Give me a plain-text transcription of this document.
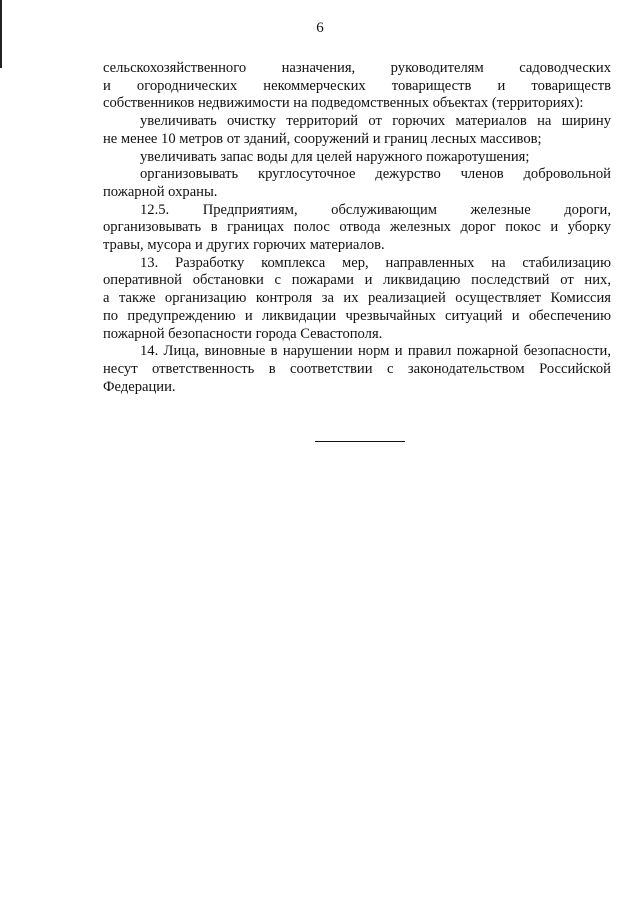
6
сельскохозяйственного назначения, руководителям садоводческих
и огороднических некоммерческих товариществ и товариществ
собственников недвижимости на подведомственных объектах (территориях):
увеличивать очистку территорий от горючих материалов на ширину
не менее 10 метров от зданий, сооружений и границ лесных массивов;
увеличивать запас воды для целей наружного пожаротушения;
организовывать круглосуточное дежурство членов добровольной
пожарной охраны.
12.5. Предприятиям, обслуживающим железные дороги,
организовывать в границах полос отвода железных дорог покос и уборку
травы, мусора и других горючих материалов.
13. Разработку комплекса мер, направленных на стабилизацию
оперативной обстановки с пожарами и ликвидацию последствий от них,
а также организацию контроля за их реализацией осуществляет Комиссия
по предупреждению и ликвидации чрезвычайных ситуаций и обеспечению
пожарной безопасности города Севастополя.
14. Лица, виновные в нарушении норм и правил пожарной безопасности,
несут ответственность в соответствии с законодательством Российской
Федерации.
